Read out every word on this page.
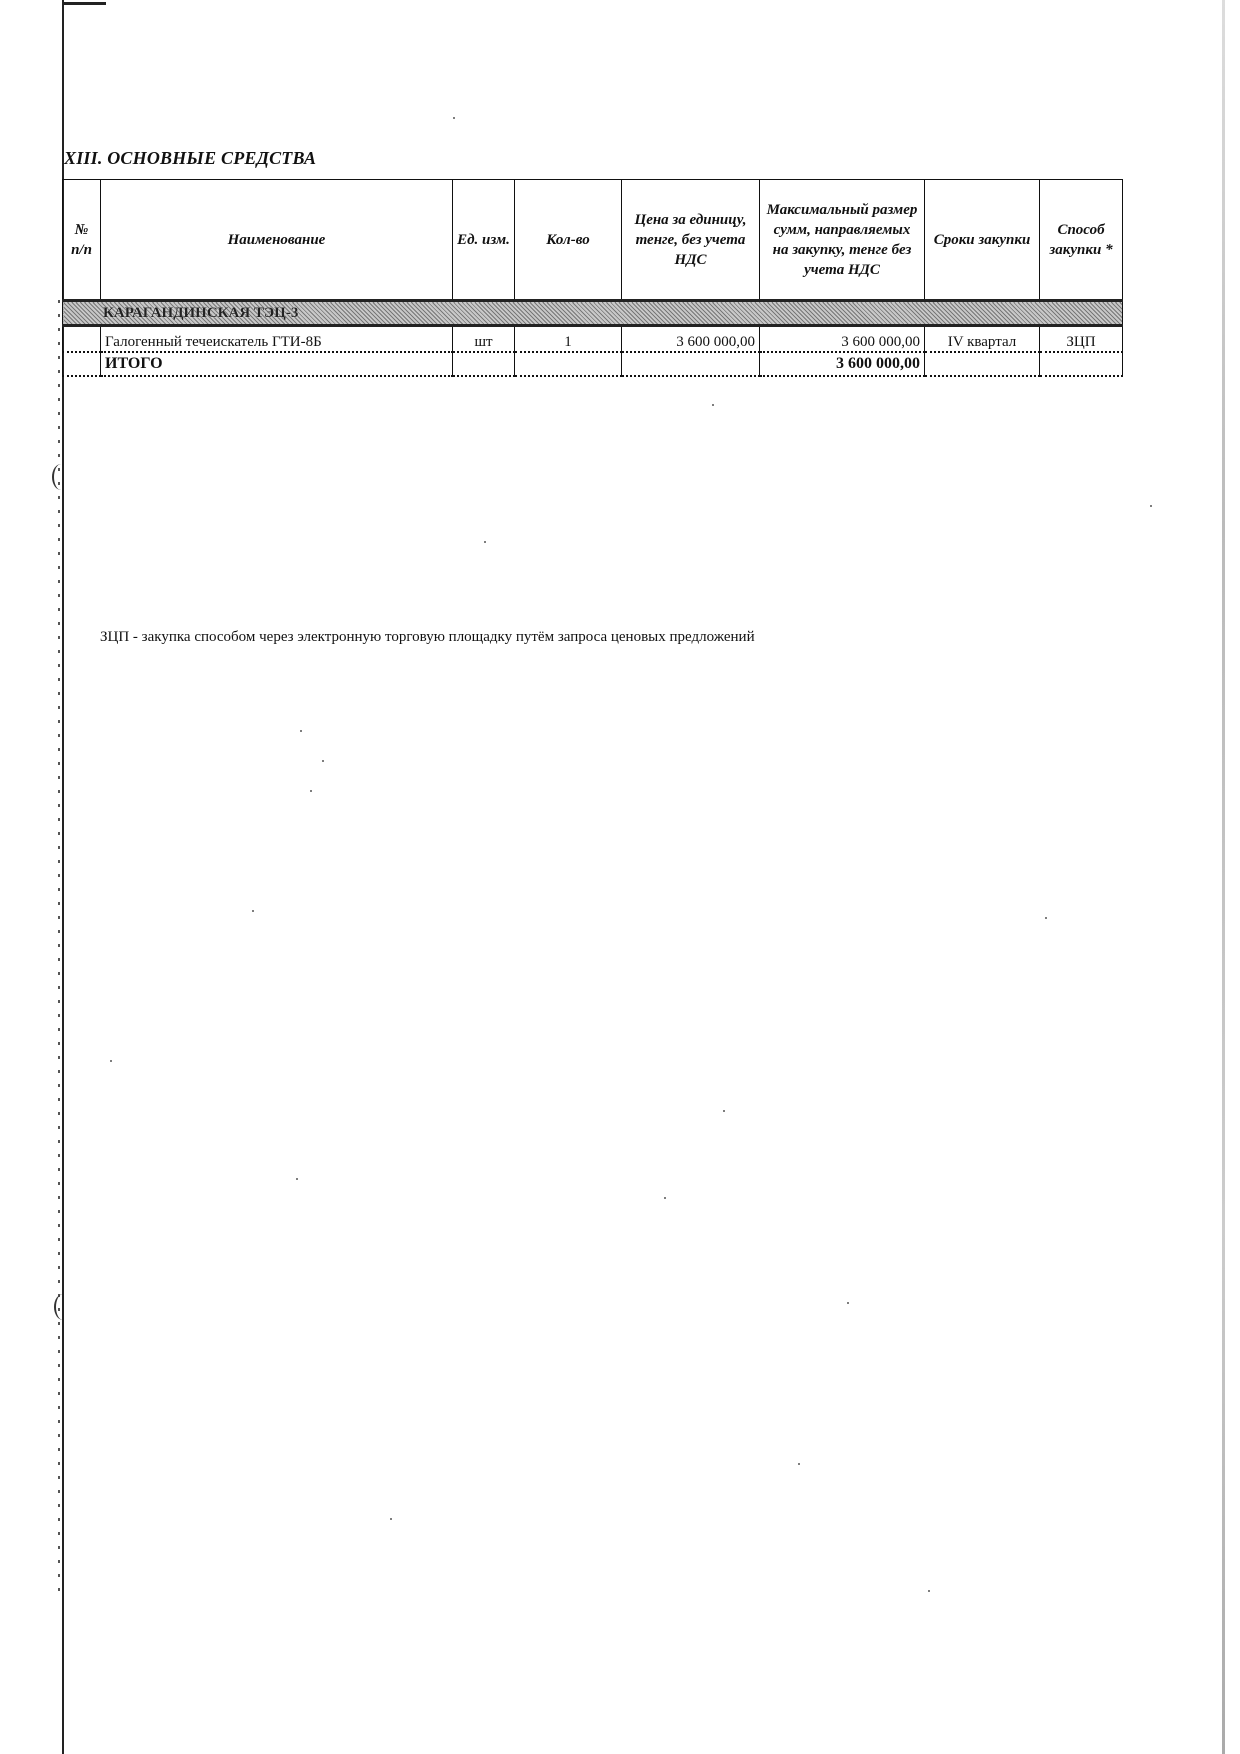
XIII. ОСНОВНЫЕ СРЕДСТВА
№ п/п	Наименование	Ед. изм.	Кол-во	Цена за единицу, тенге, без учета НДС	Максимальный размер сумм, направляемых на закупку, тенге без учета НДС	Сроки закупки	Способ закупки *
КАРАГАНДИНСКАЯ ТЭЦ-3							
	Галогенный течеискатель ГТИ-8Б	шт	1	3 600 000,00	3 600 000,00	IV квартал	ЗЦП
	ИТОГО				3 600 000,00		
ЗЦП - закупка способом через электронную торговую площадку путём запроса ценовых предложений
